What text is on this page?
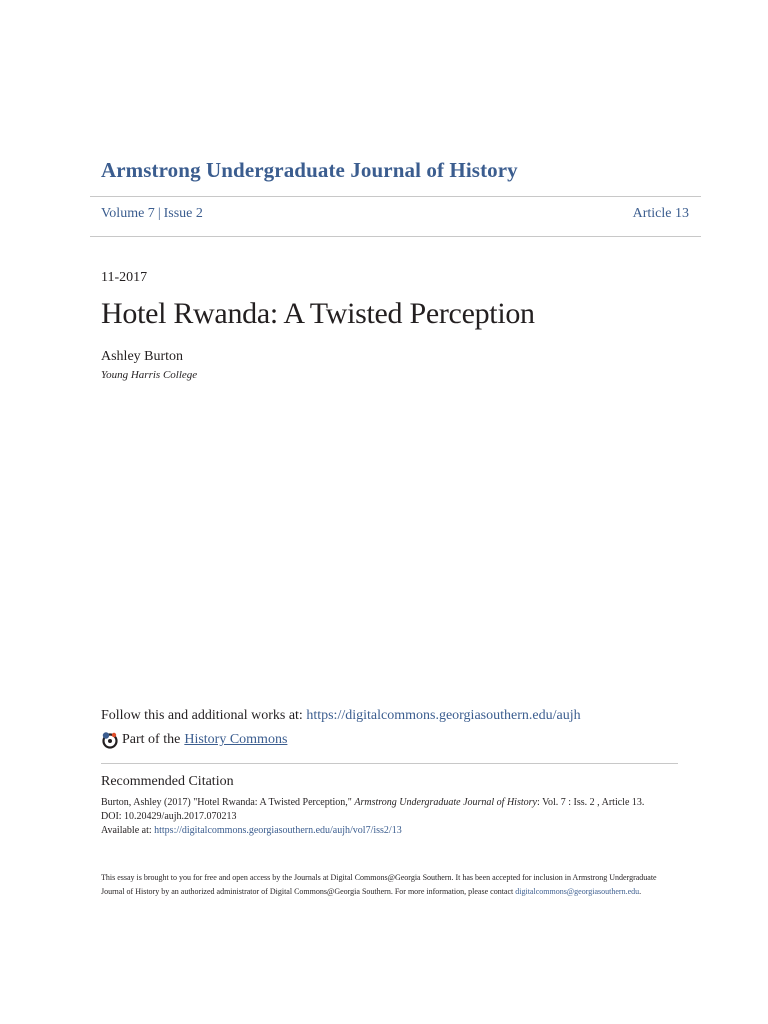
Armstrong Undergraduate Journal of History
Volume 7 | Issue 2	Article 13
11-2017
Hotel Rwanda: A Twisted Perception
Ashley Burton
Young Harris College
Follow this and additional works at: https://digitalcommons.georgiasouthern.edu/aujh
Part of the History Commons
Recommended Citation
Burton, Ashley (2017) "Hotel Rwanda: A Twisted Perception," Armstrong Undergraduate Journal of History: Vol. 7 : Iss. 2 , Article 13.
DOI: 10.20429/aujh.2017.070213
Available at: https://digitalcommons.georgiasouthern.edu/aujh/vol7/iss2/13
This essay is brought to you for free and open access by the Journals at Digital Commons@Georgia Southern. It has been accepted for inclusion in Armstrong Undergraduate Journal of History by an authorized administrator of Digital Commons@Georgia Southern. For more information, please contact digitalcommons@georgiasouthern.edu.
